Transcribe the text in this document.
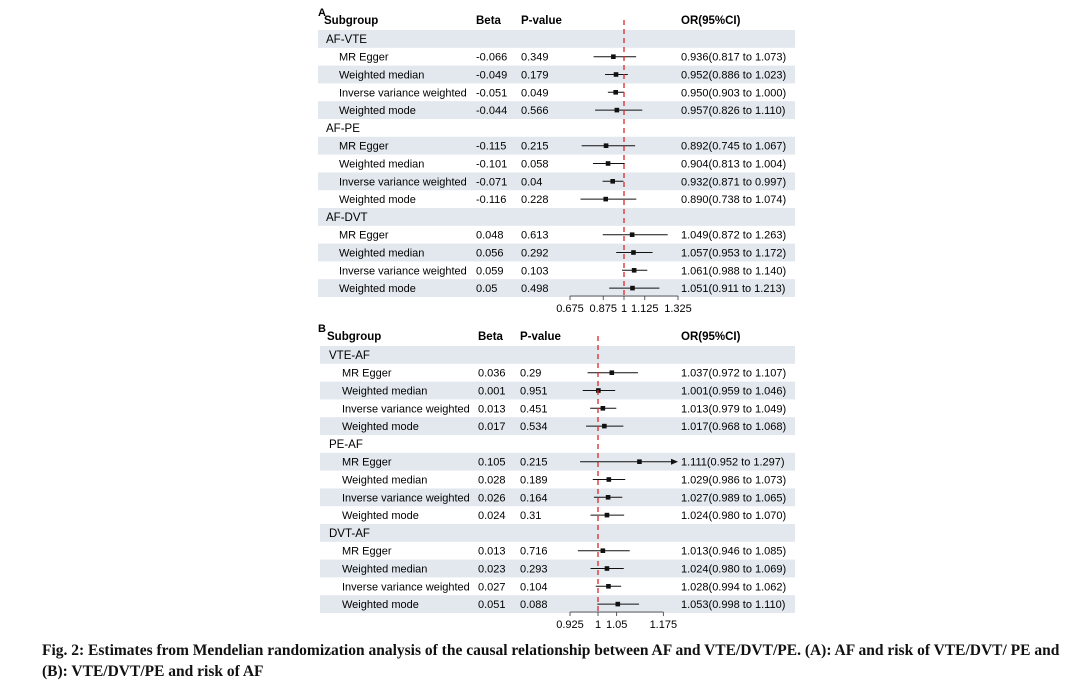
A
Subgroup	Beta P-value	OR(95%CI)
AF-VTE
MR Egger	-0.066 0.349	0.936(0.817 to 1.073)
Weighted median	-0.049 0.179	0.952(0.886 to 1.023)
Inverse variance weighted -0.051 0.049	0.950(0.903 to 1.000)
Weighted mode	-0.044 0.566	0.957(0.826 to 1.110)
AF-PE
MR Egger	-0.115 0.215	0.892(0.745 to 1.067)
Weighted median	-0.101 0.058	0.904(0.813 to 1.004)
Inverse variance weighted -0.071 0.04	0.932(0.871 to 0.997)
Weighted mode	-0.116 0.228	0.890(0.738 to 1.074)
AF-DVT
MR Egger	0.048 0.613	1.049(0.872 to 1.263)
Weighted median	0.056 0.292	1.057(0.953 to 1.172)
Inverse variance weighted 0.059 0.103	1.061(0.988 to 1.140)
Weighted mode	0.05 0.498	1.051(0.911 to 1.213)
0.675 0.875 1 1.125 1.325
B
Subgroup	Beta P-value	OR(95%CI)
VTE-AF
MR Egger	0.036 0.29	1.037(0.972 to 1.107)
Weighted median	0.001 0.951	1.001(0.959 to 1.046)
Inverse variance weighted 0.013 0.451	1.013(0.979 to 1.049)
Weighted mode	0.017 0.534	1.017(0.968 to 1.068)
PE-AF
MR Egger	0.105 0.215	1.111(0.952 to 1.297)
Weighted median	0.028 0.189	1.029(0.986 to 1.073)
Inverse variance weighted 0.026 0.164	1.027(0.989 to 1.065)
Weighted mode	0.024 0.31	1.024(0.980 to 1.070)
DVT-AF
MR Egger	0.013 0.716	1.013(0.946 to 1.085)
Weighted median	0.023 0.293	1.024(0.980 to 1.069)
Inverse variance weighted 0.027 0.104	1.028(0.994 to 1.062)
Weighted mode	0.051 0.088	1.053(0.998 to 1.110)
0.925 1 1.05 1.175
Fig. 2: Estimates from Mendelian randomization analysis of the causal relationship between AF and VTE/DVT/PE. (A): AF and risk of VTE/DVT/ PE and (B): VTE/DVT/PE and risk of AF
